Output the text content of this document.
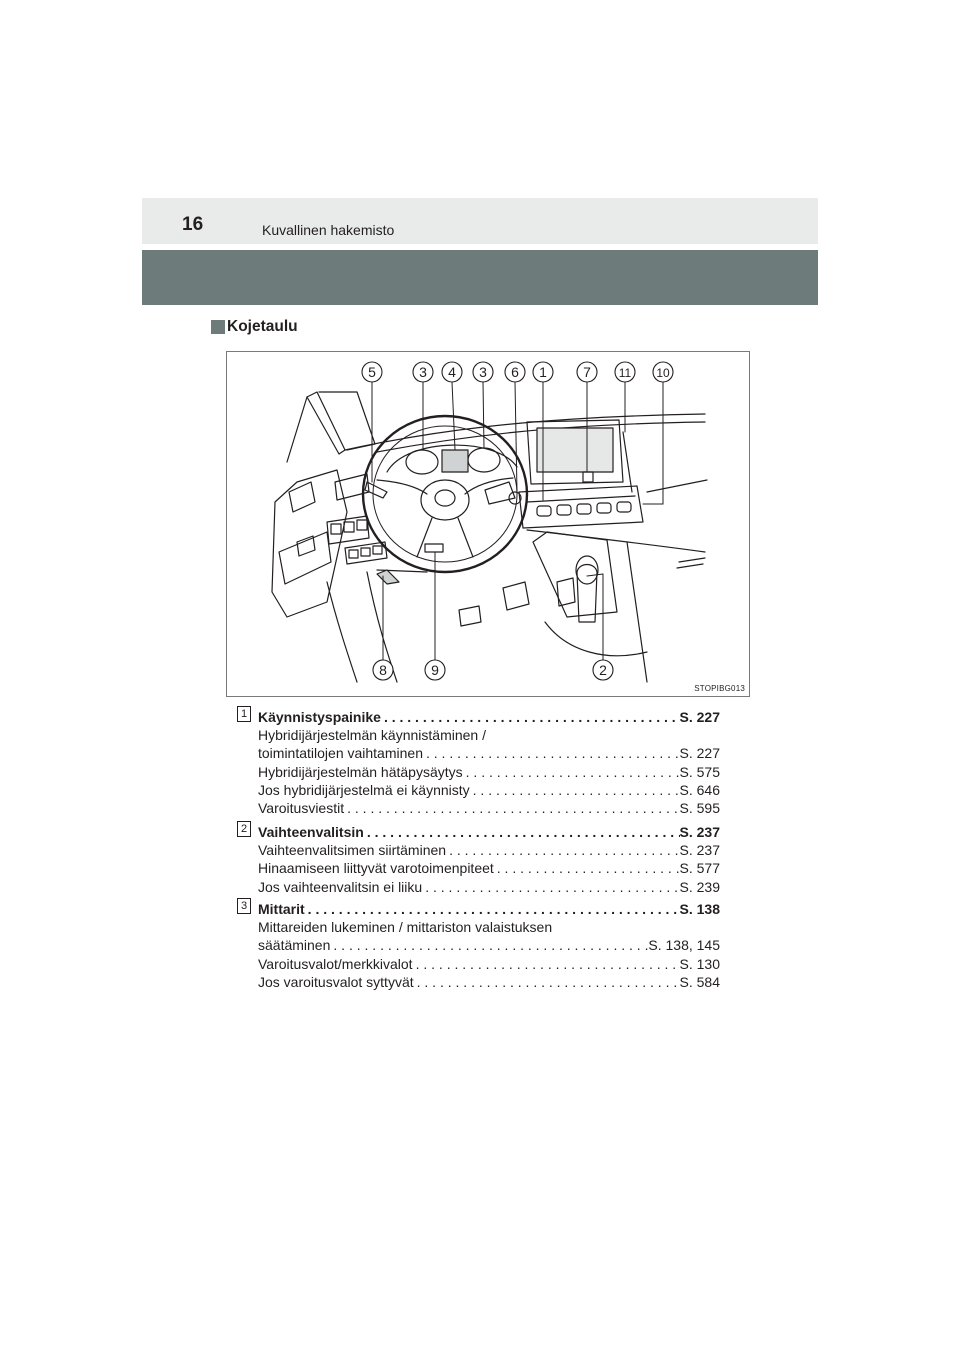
16	Kuvallinen hakemisto
Kojetaulu
5	3 4 3 6 1	7 11 10
8	9	2
STOPIBG013
1 Käynnistyspainike . . .	S. 227
Hybridijärjestelmän käynnistäminen /
toimintatilojen vaihtaminen . . .	S. 227
Hybridijärjestelmän hätäpysäytys . . .	S. 575
Jos hybridijärjestelmä ei käynnisty . . .	S. 646
Varoitusviestit . . .	S. 595
2 Vaihteenvalitsin . . .	S. 237
Vaihteenvalitsimen siirtäminen . . .	S. 237
Hinaamiseen liittyvät varotoimenpiteet . . .	S. 577
Jos vaihteenvalitsin ei liiku . . .	S. 239
3 Mittarit . . .	S. 138
Mittareiden lukeminen / mittariston valaistuksen
säätäminen . . .	S. 138, 145
Varoitusvalot/merkkivalot . . .	S. 130
Jos varoitusvalot syttyvät . . .	S. 584
